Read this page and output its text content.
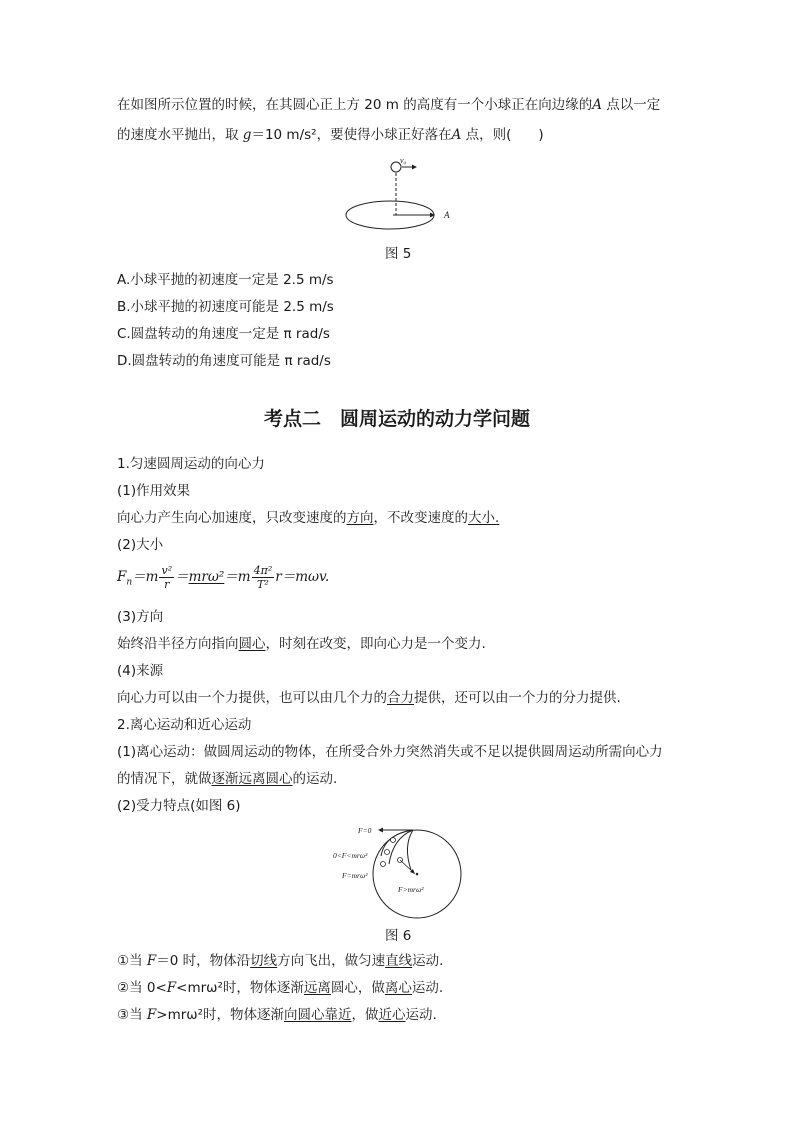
在如图所示位置的时候，在其圆心正上方 20 m 的高度有一个小球正在向边缘的A 点以一定
的速度水平抛出，取 g＝10 m/s²，要使得小球正好落在A 点，则(　　)
v₀
A
图 5
A.小球平抛的初速度一定是 2.5 m/s
B.小球平抛的初速度可能是 2.5 m/s
C.圆盘转动的角速度一定是 π rad/s
D.圆盘转动的角速度可能是 π rad/s
考点二　圆周运动的动力学问题
1.匀速圆周运动的向心力
(1)作用效果
向心力产生向心加速度，只改变速度的方向，不改变速度的大小.
(2)大小
$F_n=m \frac{\text{v²}}{r} =mr\omega^2=m \frac{\text{4π²}}{\text{T²}} r=m\omega v$.
(3)方向
始终沿半径方向指向圆心，时刻在改变，即向心力是一个变力.
(4)来源
向心力可以由一个力提供，也可以由几个力的合力提供，还可以由一个力的分力提供.
2.离心运动和近心运动
(1)离心运动：做圆周运动的物体，在所受合外力突然消失或不足以提供圆周运动所需向心力
的情况下，就做逐渐远离圆心的运动.
(2)受力特点(如图 6)
F=0
0<F<mrω²
F=mrω²
F>mrω²
图 6
①当 F＝0 时，物体沿切线方向飞出，做匀速直线运动.
②当 0<F<mrω²时，物体逐渐远离圆心，做离心运动.
③当 F>mrω²时，物体逐渐向圆心靠近，做近心运动.
